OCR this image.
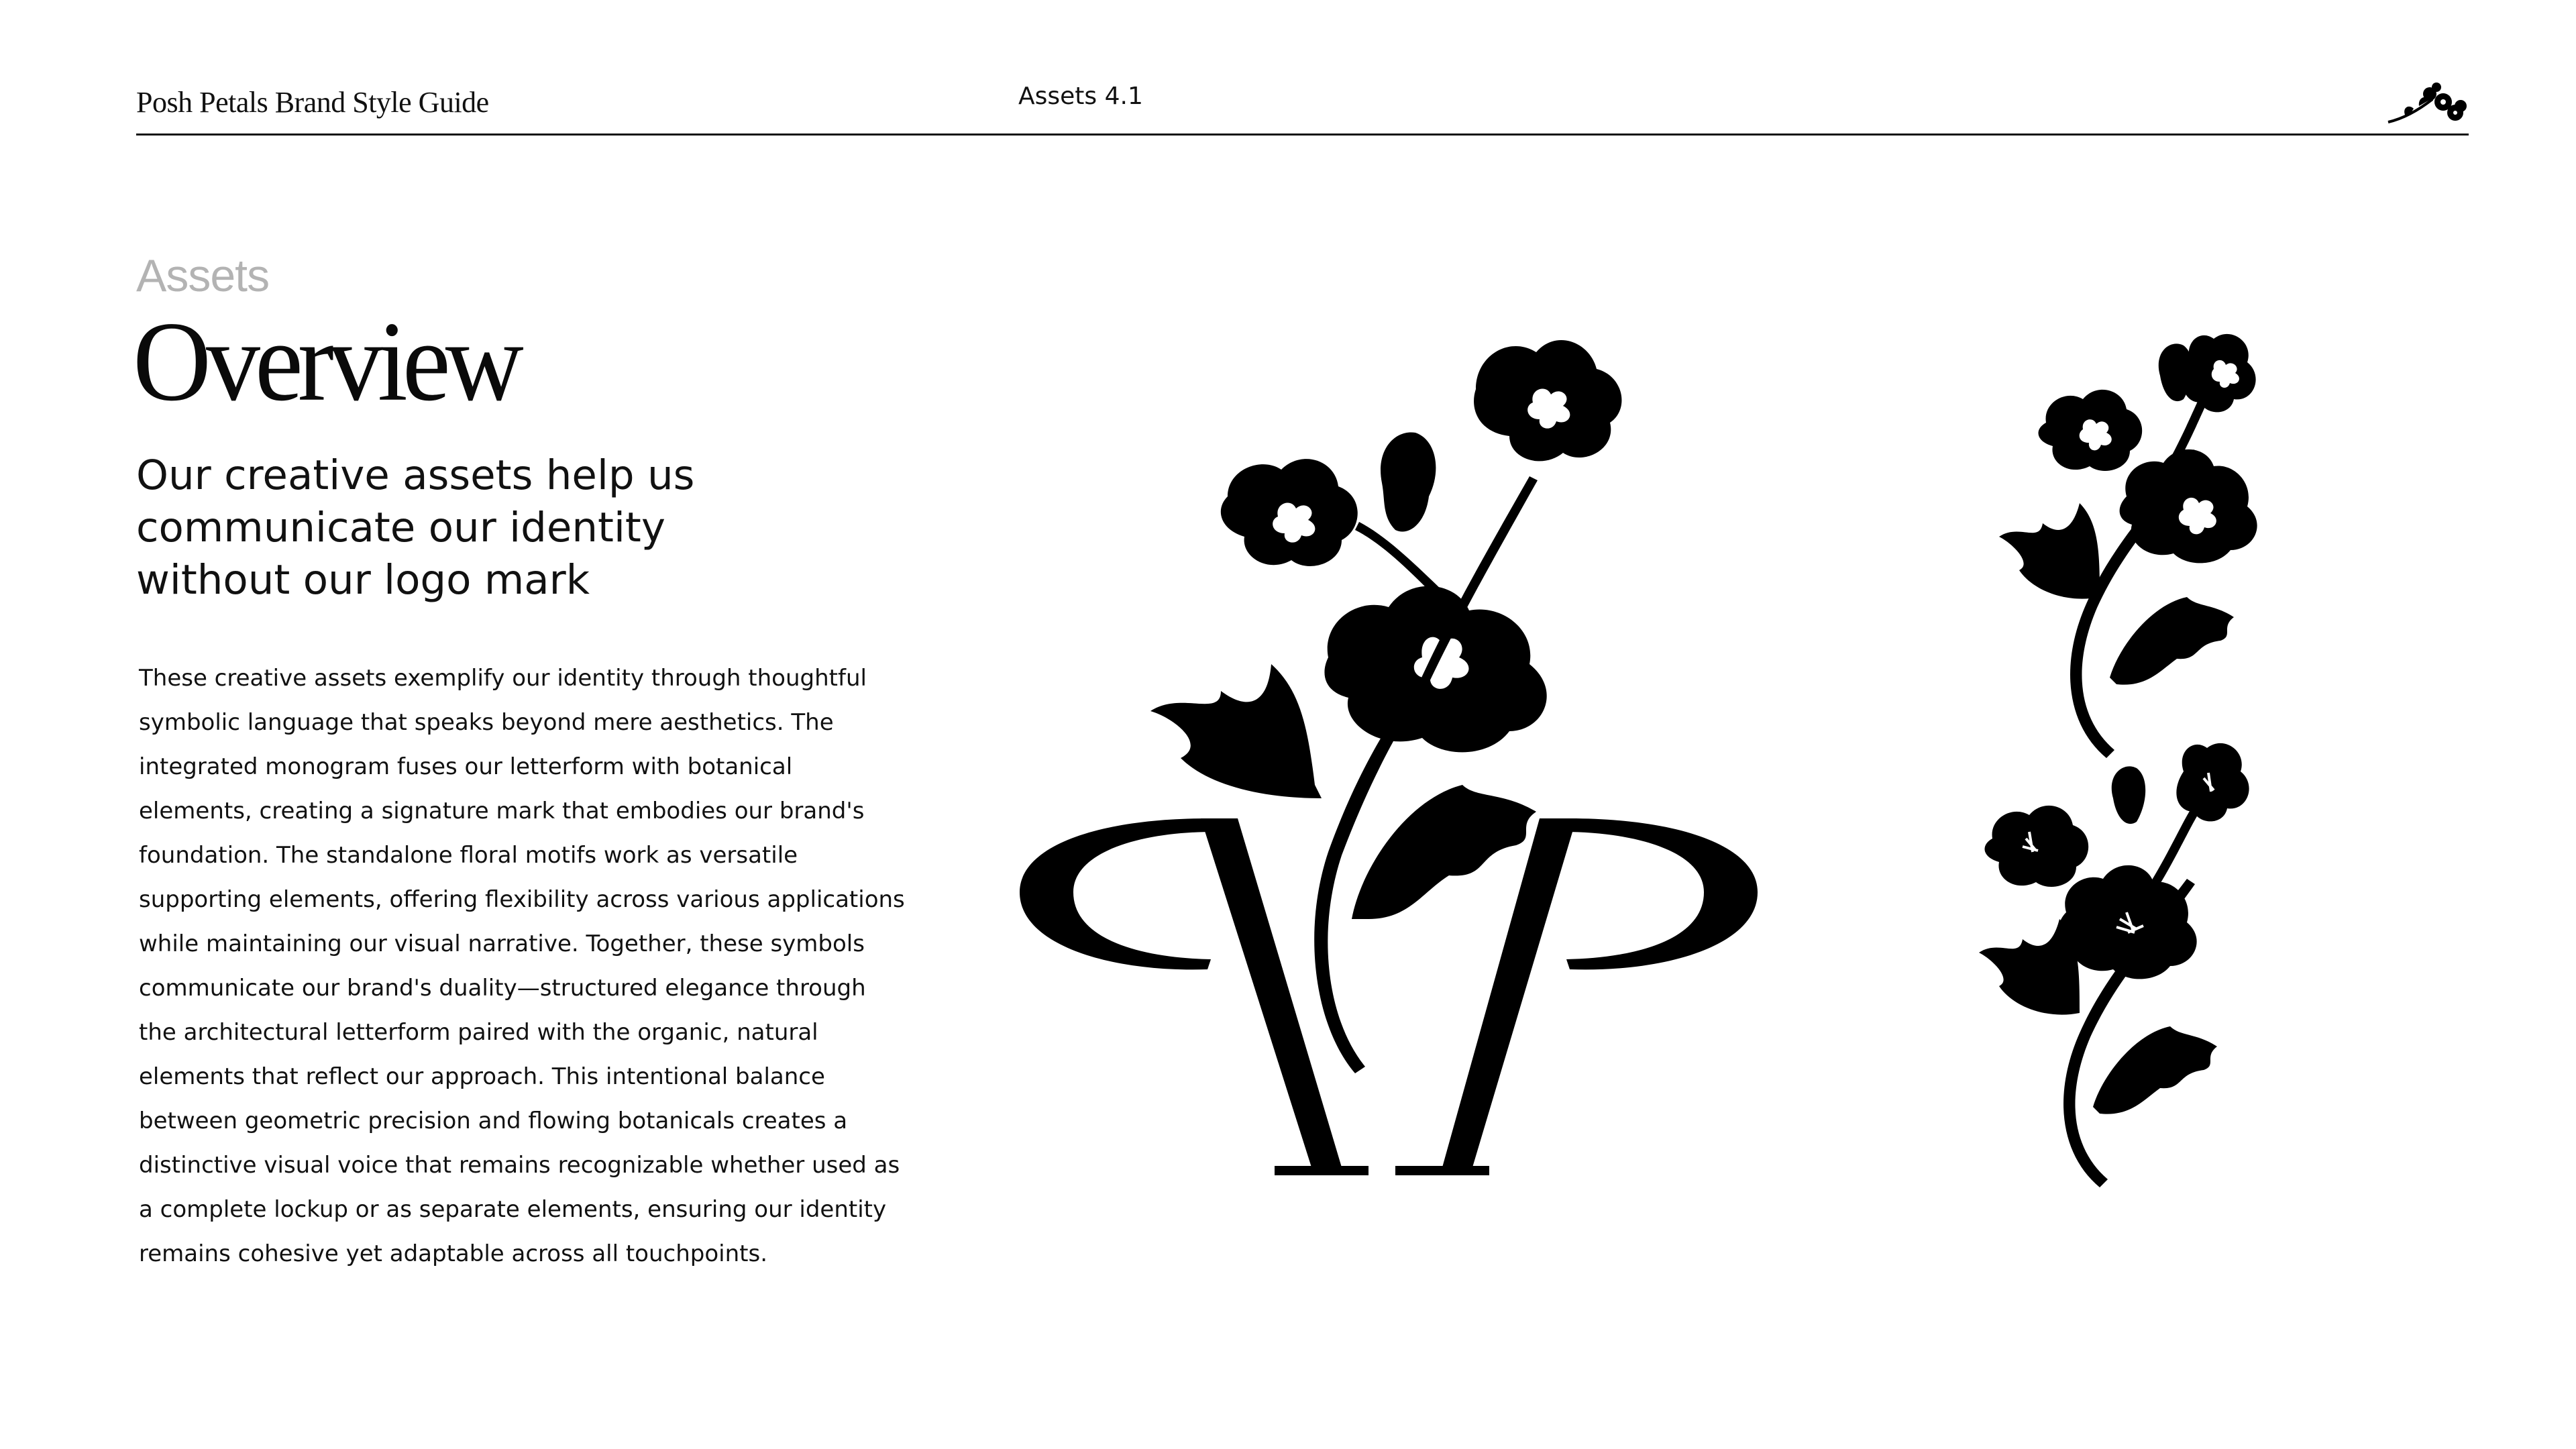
Posh Petals Brand Style Guide	Assets 4.1
Assets
Overview
Our creative assets help us
communicate our identity
without our logo mark
These creative assets exemplify our identity through thoughtful
symbolic language that speaks beyond mere aesthetics. The
integrated monogram fuses our letterform with botanical
elements, creating a signature mark that embodies our brand's
foundation. The standalone floral motifs work as versatile
supporting elements, offering flexibility across various applications
while maintaining our visual narrative. Together, these symbols
communicate our brand's duality—structured elegance through
the architectural letterform paired with the organic, natural
elements that reflect our approach. This intentional balance
between geometric precision and flowing botanicals creates a
distinctive visual voice that remains recognizable whether used as
a complete lockup or as separate elements, ensuring our identity
remains cohesive yet adaptable across all touchpoints.
